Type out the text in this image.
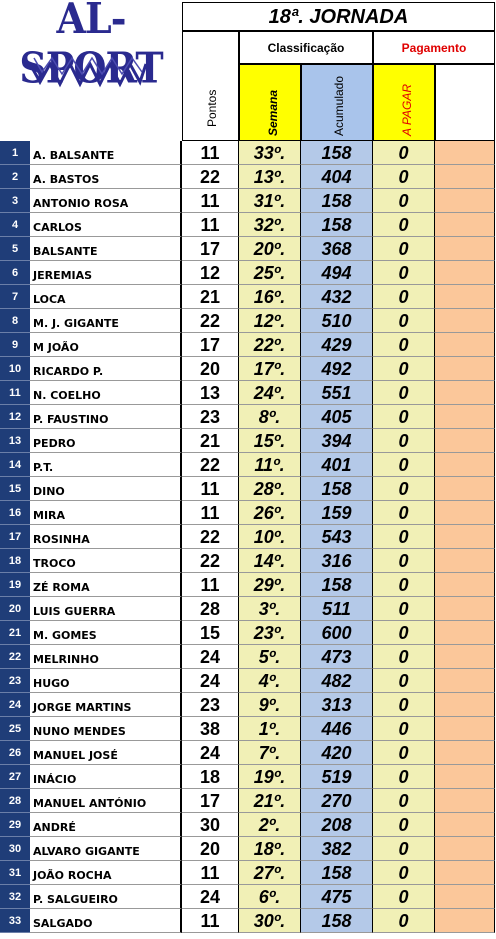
AL-SPORT
18ª. JORNADA
Pontos
Classificação	Pagamento
Semana	Acumulado	A PAGAR
1	A. BALSANTE	11	33º.	158	0
2	A. BASTOS	22	13º.	404	0
3	ANTONIO ROSA	11	31º.	158	0
4	CARLOS	11	32º.	158	0
5	BALSANTE	17	20º.	368	0
6	JEREMIAS	12	25º.	494	0
7	LOCA	21	16º.	432	0
8	M. J. GIGANTE	22	12º.	510	0
9	M JOÃO	17	22º.	429	0
10	RICARDO P.	20	17º.	492	0
11	N. COELHO	13	24º.	551	0
12	P. FAUSTINO	23	8º.	405	0
13	PEDRO	21	15º.	394	0
14	P.T.	22	11º.	401	0
15	DINO	11	28º.	158	0
16	MIRA	11	26º.	159	0
17	ROSINHA	22	10º.	543	0
18	TROCO	22	14º.	316	0
19	ZÉ ROMA	11	29º.	158	0
20	LUIS GUERRA	28	3º.	511	0
21	M. GOMES	15	23º.	600	0
22	MELRINHO	24	5º.	473	0
23	HUGO	24	4º.	482	0
24	JORGE MARTINS	23	9º.	313	0
25	NUNO MENDES	38	1º.	446	0
26	MANUEL JOSÉ	24	7º.	420	0
27	INÁCIO	18	19º.	519	0
28	MANUEL ANTÓNIO	17	21º.	270	0
29	ANDRÉ	30	2º.	208	0
30	ALVARO GIGANTE	20	18º.	382	0
31	JOÃO ROCHA	11	27º.	158	0
32	P. SALGUEIRO	24	6º.	475	0
33	SALGADO	11	30º.	158	0
